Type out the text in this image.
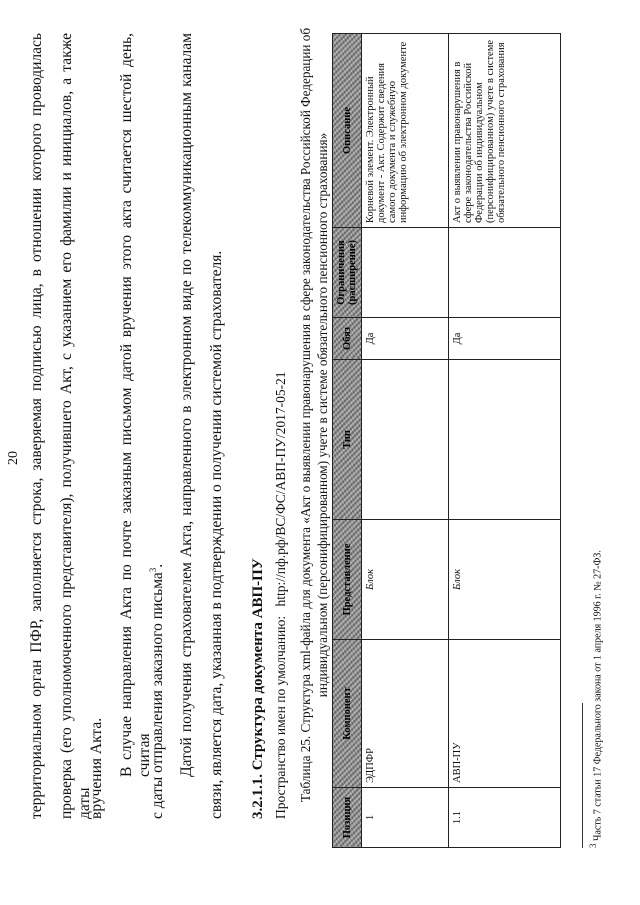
20 территориальном орган ПФР, заполняется строка, заверяемая подписью лица, в отношении которого проводилась проверка (его уполномоченного представителя), получившего Акт, с указанием его фамилии и инициалов, а также даты
вручения Акта. В случае направления Акта по почте заказным письмом датой вручения этого акта считается шестой день, считая
с даты отправления заказного письма$^3$. Датой получения страхователем Акта, направленного в электронном виде по телекоммуникационным каналам связи, является дата, указанная в подтверждении о получении системой страхователя. 3.2.1.1. Структура документа АВП-ПУ Пространство имен по умолчанию: http://пф.рф/ВС/ФС/АВП-ПУ/2017-05-21 Таблица 25. Структура xml-файла для документа «Акт о выявлении правонарушения в сфере законодательства Российской Федерации об индивидуальном (персонифицированном) учете в системе обязательного пенсионного страхования»
Позиция	Компонент	Представление	Тип	Обяз	Ограничения (расширение)	Описание
1	ЭДПФР	Блок		Да		Корневой элемент. Электронный документ - Акт. Содержит сведения самого документа и служебную информацию об электронном документе
1.1	АВП-ПУ	Блок		Да		Акт о выявлении правонарушения в сфере законодательства Российской Федерации об индивидуальном (персонифицированном) учете в системе обязательного пенсионного страхования
$^3$ Часть 7 статьи 17 Федерального закона от 1 апреля 1996 г. № 27-ФЗ.
